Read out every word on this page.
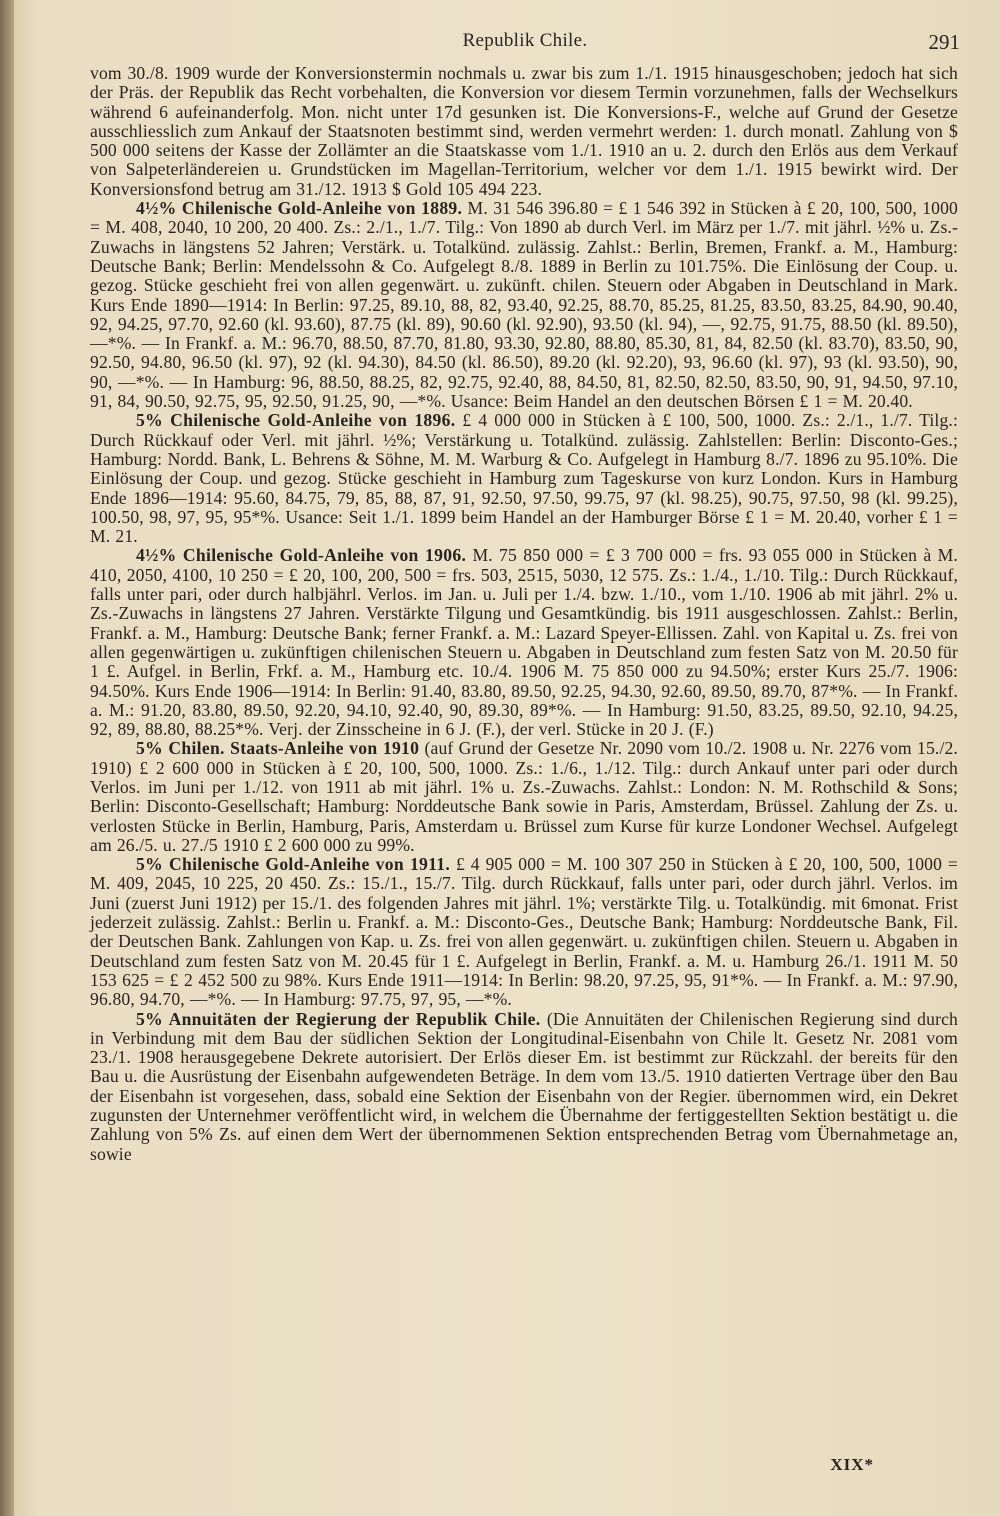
Republik Chile.	291

vom 30./8. 1909 wurde der Konversionstermin nochmals u. zwar bis zum 1./1. 1915 hinausgeschoben; jedoch hat sich der Präs. der Republik das Recht vorbehalten, die Konversion vor diesem Termin vorzunehmen, falls der Wechselkurs während 6 aufeinanderfolg. Mon. nicht unter 17d gesunken ist. Die Konversions-F., welche auf Grund der Gesetze ausschliesslich zum Ankauf der Staatsnoten bestimmt sind, werden vermehrt werden: 1. durch monatl. Zahlung von $ 500 000 seitens der Kasse der Zollämter an die Staatskasse vom 1./1. 1910 an u. 2. durch den Erlös aus dem Verkauf von Salpeterländereien u. Grundstücken im Magellan-Territorium, welcher vor dem 1./1. 1915 bewirkt wird. Der Konversionsfond betrug am 31./12. 1913 $ Gold 105 494 223.

4½% Chilenische Gold-Anleihe von 1889. M. 31 546 396.80 = £ 1 546 392 in Stücken à £ 20, 100, 500, 1000 = M. 408, 2040, 10 200, 20 400. Zs.: 2./1., 1./7. Tilg.: Von 1890 ab durch Verl. im März per 1./7. mit jährl. ½% u. Zs.-Zuwachs in längstens 52 Jahren; Verstärk. u. Totalkünd. zulässig. Zahlst.: Berlin, Bremen, Frankf. a. M., Hamburg: Deutsche Bank; Berlin: Mendelssohn & Co. Aufgelegt 8./8. 1889 in Berlin zu 101.75%. Die Einlösung der Coup. u. gezog. Stücke geschieht frei von allen gegenwärt. u. zukünft. chilen. Steuern oder Abgaben in Deutschland in Mark. Kurs Ende 1890—1914: In Berlin: 97.25, 89.10, 88, 82, 93.40, 92.25, 88.70, 85.25, 81.25, 83.50, 83.25, 84.90, 90.40, 92, 94.25, 97.70, 92.60 (kl. 93.60), 87.75 (kl. 89), 90.60 (kl. 92.90), 93.50 (kl. 94), —, 92.75, 91.75, 88.50 (kl. 89.50), —*%. — In Frankf. a. M.: 96.70, 88.50, 87.70, 81.80, 93.30, 92.80, 88.80, 85.30, 81, 84, 82.50 (kl. 83.70), 83.50, 90, 92.50, 94.80, 96.50 (kl. 97), 92 (kl. 94.30), 84.50 (kl. 86.50), 89.20 (kl. 92.20), 93, 96.60 (kl. 97), 93 (kl. 93.50), 90, 90, —*%. — In Hamburg: 96, 88.50, 88.25, 82, 92.75, 92.40, 88, 84.50, 81, 82.50, 82.50, 83.50, 90, 91, 94.50, 97.10, 91, 84, 90.50, 92.75, 95, 92.50, 91.25, 90, —*%. Usance: Beim Handel an den deutschen Börsen £ 1 = M. 20.40.

5% Chilenische Gold-Anleihe von 1896. £ 4 000 000 in Stücken à £ 100, 500, 1000. Zs.: 2./1., 1./7. Tilg.: Durch Rückkauf oder Verl. mit jährl. ½%; Verstärkung u. Totalkünd. zulässig. Zahlstellen: Berlin: Disconto-Ges.; Hamburg: Nordd. Bank, L. Behrens & Söhne, M. M. Warburg & Co. Aufgelegt in Hamburg 8./7. 1896 zu 95.10%. Die Einlösung der Coup. und gezog. Stücke geschieht in Hamburg zum Tageskurse von kurz London. Kurs in Hamburg Ende 1896—1914: 95.60, 84.75, 79, 85, 88, 87, 91, 92.50, 97.50, 99.75, 97 (kl. 98.25), 90.75, 97.50, 98 (kl. 99.25), 100.50, 98, 97, 95, 95*%. Usance: Seit 1./1. 1899 beim Handel an der Hamburger Börse £ 1 = M. 20.40, vorher £ 1 = M. 21.

4½% Chilenische Gold-Anleihe von 1906. M. 75 850 000 = £ 3 700 000 = frs. 93 055 000 in Stücken à M. 410, 2050, 4100, 10 250 = £ 20, 100, 200, 500 = frs. 503, 2515, 5030, 12 575. Zs.: 1./4., 1./10. Tilg.: Durch Rückkauf, falls unter pari, oder durch halbjährl. Verlos. im Jan. u. Juli per 1./4. bzw. 1./10., vom 1./10. 1906 ab mit jährl. 2% u. Zs.-Zuwachs in längstens 27 Jahren. Verstärkte Tilgung und Gesamtkündig. bis 1911 ausgeschlossen. Zahlst.: Berlin, Frankf. a. M., Hamburg: Deutsche Bank; ferner Frankf. a. M.: Lazard Speyer-Ellissen. Zahl. von Kapital u. Zs. frei von allen gegenwärtigen u. zukünftigen chilenischen Steuern u. Abgaben in Deutschland zum festen Satz von M. 20.50 für 1 £. Aufgel. in Berlin, Frkf. a. M., Hamburg etc. 10./4. 1906 M. 75 850 000 zu 94.50%; erster Kurs 25./7. 1906: 94.50%. Kurs Ende 1906—1914: In Berlin: 91.40, 83.80, 89.50, 92.25, 94.30, 92.60, 89.50, 89.70, 87*%. — In Frankf. a. M.: 91.20, 83.80, 89.50, 92.20, 94.10, 92.40, 90, 89.30, 89*%. — In Hamburg: 91.50, 83.25, 89.50, 92.10, 94.25, 92, 89, 88.80, 88.25*%. Verj. der Zinsscheine in 6 J. (F.), der verl. Stücke in 20 J. (F.)

5% Chilen. Staats-Anleihe von 1910 (auf Grund der Gesetze Nr. 2090 vom 10./2. 1908 u. Nr. 2276 vom 15./2. 1910) £ 2 600 000 in Stücken à £ 20, 100, 500, 1000. Zs.: 1./6., 1./12. Tilg.: durch Ankauf unter pari oder durch Verlos. im Juni per 1./12. von 1911 ab mit jährl. 1% u. Zs.-Zuwachs. Zahlst.: London: N. M. Rothschild & Sons; Berlin: Disconto-Gesellschaft; Hamburg: Norddeutsche Bank sowie in Paris, Amsterdam, Brüssel. Zahlung der Zs. u. verlosten Stücke in Berlin, Hamburg, Paris, Amsterdam u. Brüssel zum Kurse für kurze Londoner Wechsel. Aufgelegt am 26./5. u. 27./5 1910 £ 2 600 000 zu 99%.

5% Chilenische Gold-Anleihe von 1911. £ 4 905 000 = M. 100 307 250 in Stücken à £ 20, 100, 500, 1000 = M. 409, 2045, 10 225, 20 450. Zs.: 15./1., 15./7. Tilg. durch Rückkauf, falls unter pari, oder durch jährl. Verlos. im Juni (zuerst Juni 1912) per 15./1. des folgenden Jahres mit jährl. 1%; verstärkte Tilg. u. Totalkündig. mit 6monat. Frist jederzeit zulässig. Zahlst.: Berlin u. Frankf. a. M.: Disconto-Ges., Deutsche Bank; Hamburg: Norddeutsche Bank, Fil. der Deutschen Bank. Zahlungen von Kap. u. Zs. frei von allen gegenwärt. u. zukünftigen chilen. Steuern u. Abgaben in Deutschland zum festen Satz von M. 20.45 für 1 £. Aufgelegt in Berlin, Frankf. a. M. u. Hamburg 26./1. 1911 M. 50 153 625 = £ 2 452 500 zu 98%. Kurs Ende 1911—1914: In Berlin: 98.20, 97.25, 95, 91*%. — In Frankf. a. M.: 97.90, 96.80, 94.70, —*%. — In Hamburg: 97.75, 97, 95, —*%.

5% Annuitäten der Regierung der Republik Chile. (Die Annuitäten der Chilenischen Regierung sind durch in Verbindung mit dem Bau der südlichen Sektion der Longitudinal-Eisenbahn von Chile lt. Gesetz Nr. 2081 vom 23./1. 1908 herausgegebene Dekrete autorisiert. Der Erlös dieser Em. ist bestimmt zur Rückzahl. der bereits für den Bau u. die Ausrüstung der Eisenbahn aufgewendeten Beträge. In dem vom 13./5. 1910 datierten Vertrage über den Bau der Eisenbahn ist vorgesehen, dass, sobald eine Sektion der Eisenbahn von der Regier. übernommen wird, ein Dekret zugunsten der Unternehmer veröffentlicht wird, in welchem die Übernahme der fertiggestellten Sektion bestätigt u. die Zahlung von 5% Zs. auf einen dem Wert der übernommenen Sektion entsprechenden Betrag vom Übernahmetage an, sowie

XIX*
